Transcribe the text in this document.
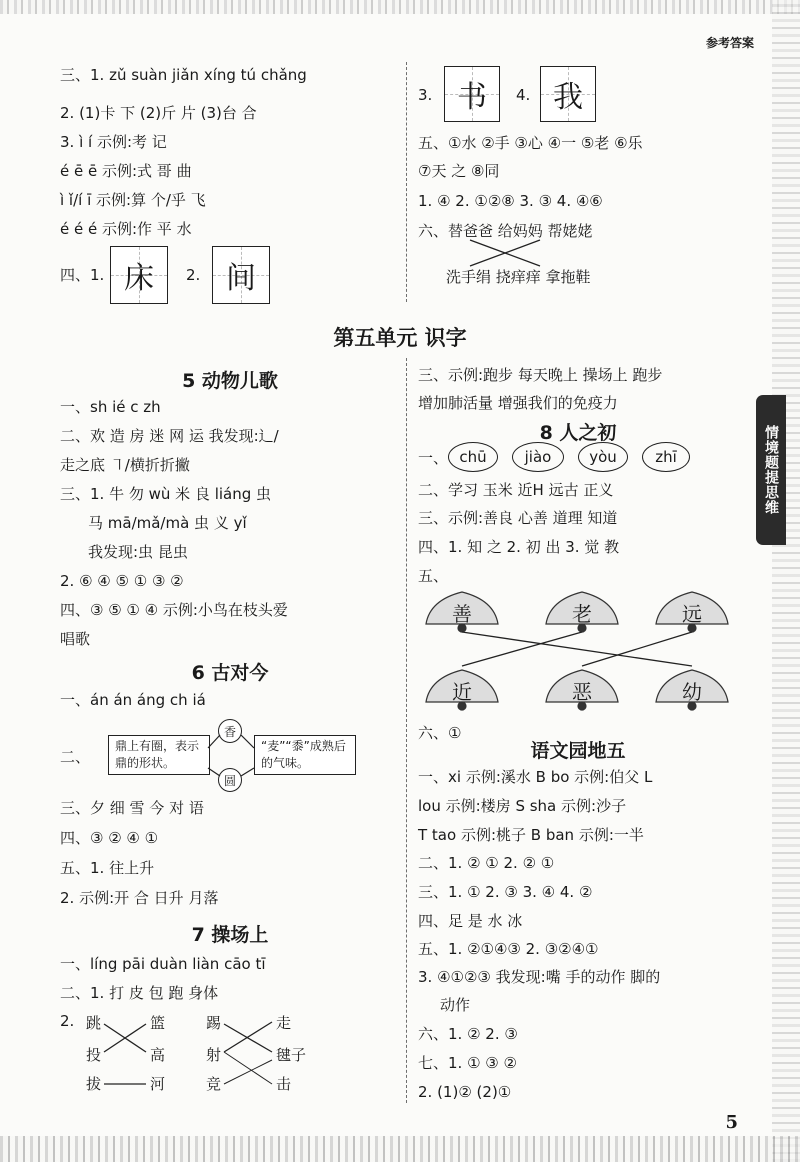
参考答案
情境题提思维
5
三、1. zǔ suàn jiǎn xíng tú chǎng
2. (1)卡 下 (2)斤 片 (3)台 合
3. ì í 示例:考 记
é ē ē 示例:式 哥 曲
ì ǐ/í ī 示例:算 个/乎 飞
é é é 示例:作 平 水
四、1. 床	2. 间
3. 书	4. 我
五、①水 ②手 ③心 ④一 ⑤老 ⑥乐
⑦天 之 ⑧同
1. ④ 2. ①②⑧ 3. ③ 4. ④⑥
六、替爸爸 给妈妈 帮姥姥
洗手绢 挠痒痒 拿拖鞋
第五单元 识字
5 动物儿歌
一、sh ié c zh
二、欢 造 房 迷 网 运 我发现:辶/
走之底 ㇕/横折折撇
三、1. 牛 勿 wù 米 良 liáng 虫
马 mā/mǎ/mà 虫 义 yǐ
我发现:虫 昆虫
2. ⑥ ④ ⑤ ① ③ ②
四、③ ⑤ ① ④ 示例:小鸟在枝头爱
唱歌
6 古对今
一、án án áng ch iá
二、
鼎上有圈，表示鼎的形状。
香
圆
“麦”“黍”成熟后的气味。
三、夕 细 雪 今 对 语
四、③ ② ④ ①
五、1. 往上升
2. 示例:开 合 日升 月落
7 操场上
一、líng pāi duàn liàn cāo tī
二、1. 打 皮 包 跑 身体
2. 跳
投
拔
篮
高
河
踢
射
竞
走
毽子
击
三、示例:跑步 每天晚上 操场上 跑步
增加肺活量 增强我们的免疫力
8 人之初
一、 chū	jiào	yòu	zhī
二、学习 玉米 近H 远古 正义
三、示例:善良 心善 道理 知道
四、1. 知 之 2. 初 出 3. 觉 教
五、
善	老	远
近	恶	幼
六、①
语文园地五
一、xi 示例:溪水 B bo 示例:伯父 L
lou 示例:楼房 S sha 示例:沙子
T tao 示例:桃子 B ban 示例:一半
二、1. ② ① 2. ② ①
三、1. ① 2. ③ 3. ④ 4. ②
四、足 是 水 冰
五、1. ②①④③ 2. ③②④①
3. ④①②③ 我发现:嘴 手的动作 脚的
动作
六、1. ② 2. ③
七、1. ① ③ ②
2. (1)② (2)①
